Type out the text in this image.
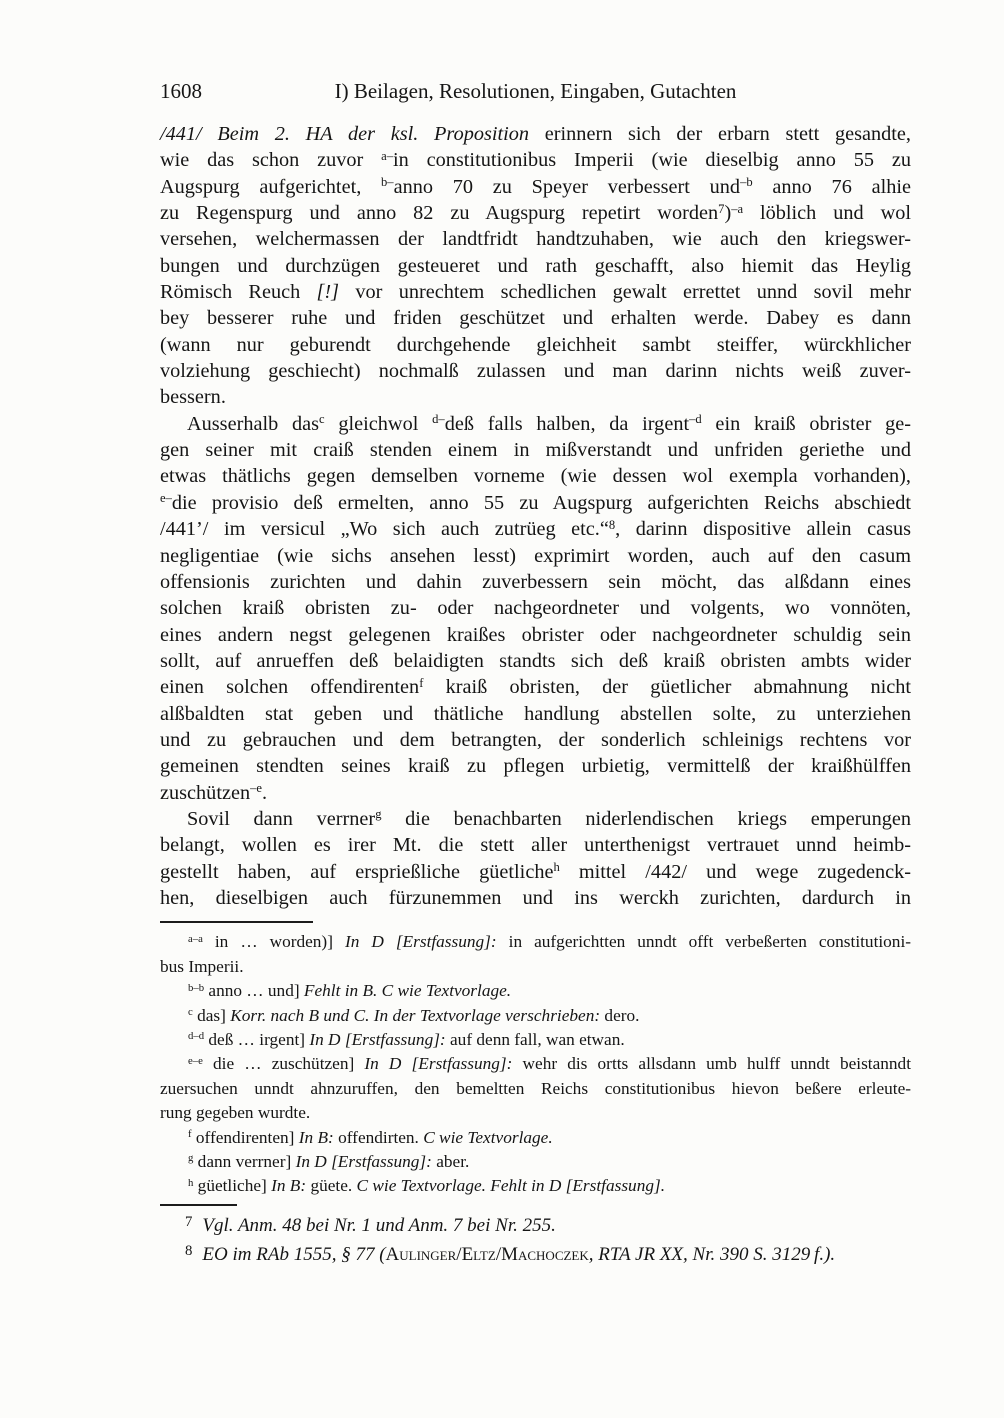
1608	I) Beilagen, Resolutionen, Eingaben, Gutachten
/441/ Beim 2. HA der ksl. Proposition erinnern sich der erbarn stett gesandte,
wie das schon zuvor $^{a-}$in constitutionibus Imperii (wie dieselbig anno 55 zu
Augspurg aufgerichtet, $^{b-}$anno 70 zu Speyer verbessert und$^{-b}$ anno 76 alhie
zu Regenspurg und anno 82 zu Augspurg repetirt worden$^7$)$^{-a}$ löblich und wol
versehen, welchermassen der landtfridt handtzuhaben, wie auch den kriegswer-
bungen und durchzügen gesteueret und rath geschafft, also hiemit das Heylig
Römisch Reuch [!] vor unrechtem schedlichen gewalt errettet unnd sovil mehr
bey besserer ruhe und friden geschützet und erhalten werde. Dabey es dann
(wann nur geburendt durchgehende gleichheit sambt steiffer, würckhlicher
volziehung geschiecht) nochmalß zulassen und man darinn nichts weiß zuver-
bessern.
Ausserhalb das$^c$ gleichwol $^{d-}$deß falls halben, da irgent$^{-d}$ ein kraiß obrister ge-
gen seiner mit craiß stenden einem in mißverstandt und unfriden geriethe und
etwas thätlichs gegen demselben vorneme (wie dessen wol exempla vorhanden),
$^{e-}$die provisio deß ermelten, anno 55 zu Augspurg aufgerichten Reichs abschiedt
/441’/ im versicul „Wo sich auch zutrüeg etc.“$^8$, darinn dispositive allein casus
negligentiae (wie sichs ansehen lesst) exprimirt worden, auch auf den casum
offensionis zurichten und dahin zuverbessern sein möcht, das alßdann eines
solchen kraiß obristen zu- oder nachgeordneter und volgents, wo vonnöten,
eines andern negst gelegenen kraißes obrister oder nachgeordneter schuldig sein
sollt, auf anrueffen deß belaidigten standts sich deß kraiß obristen ambts wider
einen solchen offendirenten$^f$ kraiß obristen, der güetlicher abmahnung nicht
alßbaldten stat geben und thätliche handlung abstellen solte, zu unterziehen
und zu gebrauchen und dem betrangten, der sonderlich schleinigs rechtens vor
gemeinen stendten seines kraiß zu pflegen urbietig, vermittelß der kraißhülffen
zuschützen$^{-e}$.
Sovil dann verrner$^g$ die benachbarten niderlendischen kriegs emperungen
belangt, wollen es irer Mt. die stett aller unterthenigst vertrauet unnd heimb-
gestellt haben, auf ersprießliche güetliche$^h$ mittel /442/ und wege zugedenck-
hen, dieselbigen auch fürzunemmen und ins werckh zurichten, dardurch in
$^{a-a}$ in … worden)] In D [Erstfassung]: in aufgerichtten unndt offt verbeßerten constitutioni-
bus Imperii.
$^{b-b}$ anno … und] Fehlt in B. C wie Textvorlage.
$^c$ das] Korr. nach B und C. In der Textvorlage verschrieben: dero.
$^{d-d}$ deß … irgent] In D [Erstfassung]: auf denn fall, wan etwan.
$^{e-e}$ die … zuschützen] In D [Erstfassung]: wehr dis ortts allsdann umb hulff unndt beistanndt
zuersuchen unndt ahnzuruffen, den bemeltten Reichs constitutionibus hievon beßere erleute-
rung gegeben wurdte.
$^f$ offendirenten] In B: offendirten. C wie Textvorlage.
$^g$ dann verrner] In D [Erstfassung]: aber.
$^h$ güetliche] In B: güete. C wie Textvorlage. Fehlt in D [Erstfassung].
$^7$ Vgl. Anm. 48 bei Nr. 1 und Anm. 7 bei Nr. 255.
$^8$ EO im RAb 1555, § 77 (Aulinger/Eltz/Machoczek, RTA JR XX, Nr. 390 S. 3129 f.).
